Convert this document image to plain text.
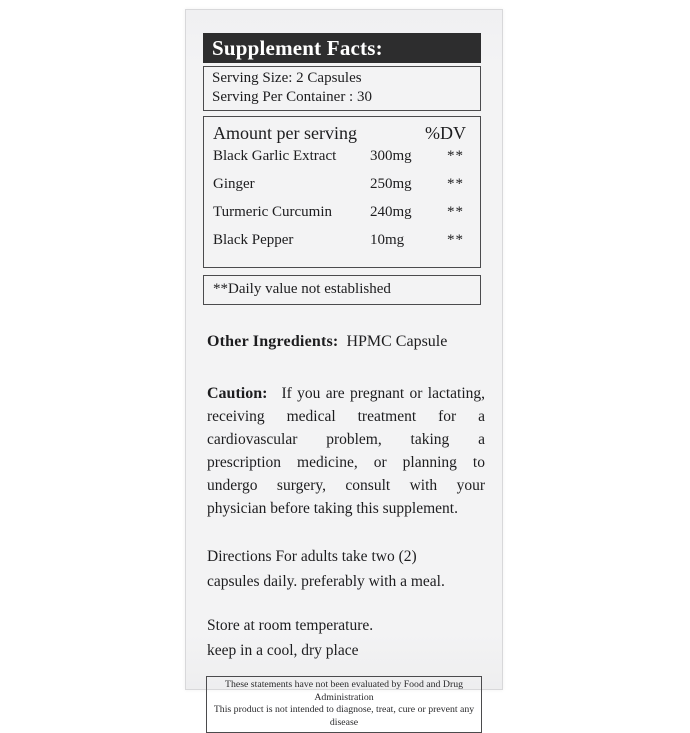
Supplement Facts:
Serving Size: 2 Capsules
Serving Per Container : 30
Amount per serving	%DV
Black Garlic Extract	300mg	**
Ginger	250mg	**
Turmeric Curcumin	240mg	**
Black Pepper	10mg	**
**Daily value not established
Other Ingredients: HPMC Capsule
Caution: If you are pregnant or lactating, receiving medical treatment for a cardiovascular problem, taking a prescription medicine, or planning to undergo surgery, consult with your physician before taking this supplement.
Directions For adults take two (2)
capsules daily. preferably with a meal.
Store at room temperature.
keep in a cool, dry place
These statements have not been evaluated by Food and Drug Administration
This product is not intended to diagnose, treat, cure or prevent any disease
